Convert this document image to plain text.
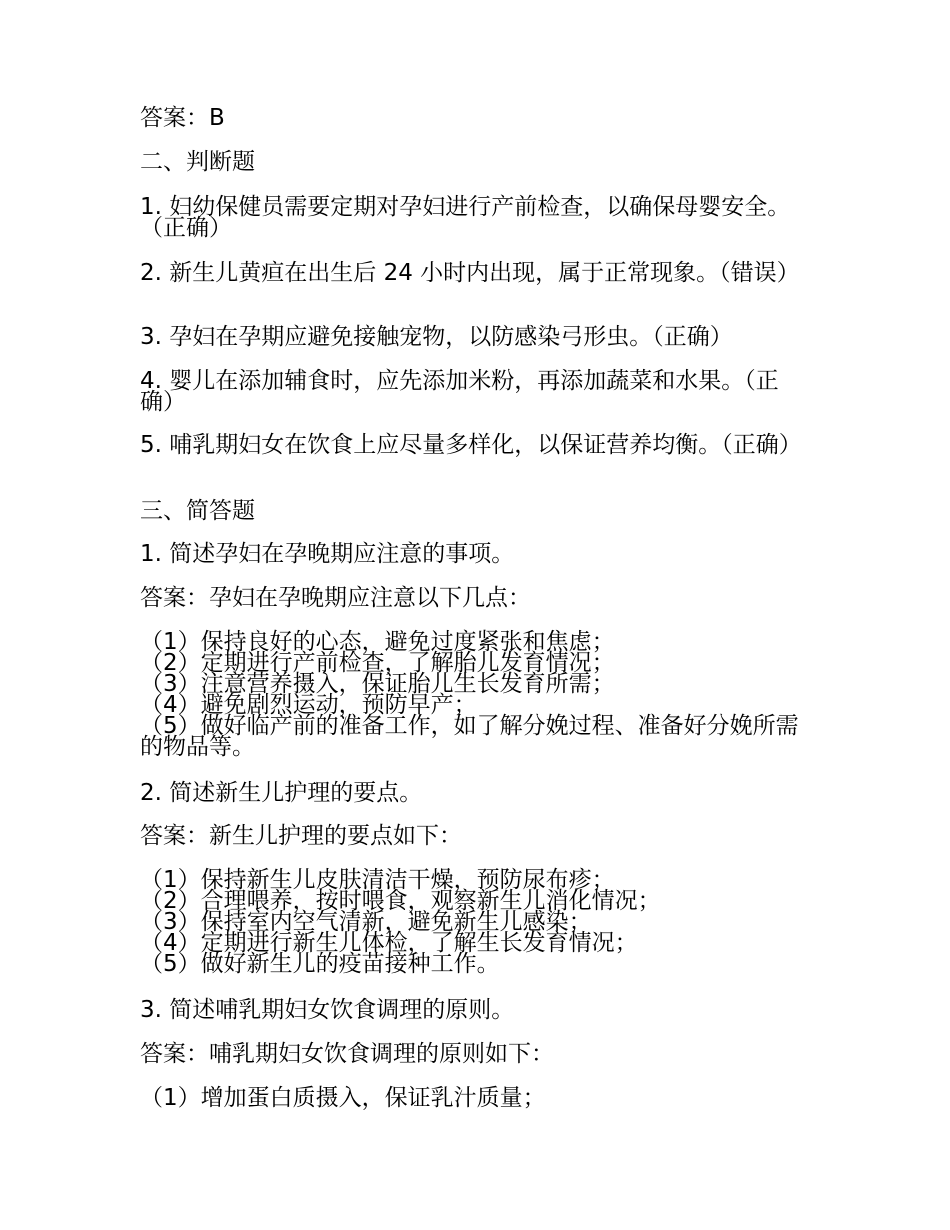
答案：B

二、判断题

1. 妇幼保健员需要定期对孕妇进行产前检查，以确保母婴安全。（正确）

2. 新生儿黄疸在出生后 24 小时内出现，属于正常现象。（错误）

3. 孕妇在孕期应避免接触宠物，以防感染弓形虫。（正确）

4. 婴儿在添加辅食时，应先添加米粉，再添加蔬菜和水果。（正确）

5. 哺乳期妇女在饮食上应尽量多样化，以保证营养均衡。（正确）

三、简答题

1. 简述孕妇在孕晚期应注意的事项。

答案：孕妇在孕晚期应注意以下几点：

（1）保持良好的心态，避免过度紧张和焦虑；
（2）定期进行产前检查，了解胎儿发育情况；
（3）注意营养摄入，保证胎儿生长发育所需；
（4）避免剧烈运动，预防早产；
（5）做好临产前的准备工作，如了解分娩过程、准备好分娩所需的物品等。

2. 简述新生儿护理的要点。

答案：新生儿护理的要点如下：

（1）保持新生儿皮肤清洁干燥，预防尿布疹；
（2）合理喂养，按时喂食，观察新生儿消化情况；
（3）保持室内空气清新，避免新生儿感染；
（4）定期进行新生儿体检，了解生长发育情况；
（5）做好新生儿的疫苗接种工作。

3. 简述哺乳期妇女饮食调理的原则。

答案：哺乳期妇女饮食调理的原则如下：

（1）增加蛋白质摄入，保证乳汁质量；
